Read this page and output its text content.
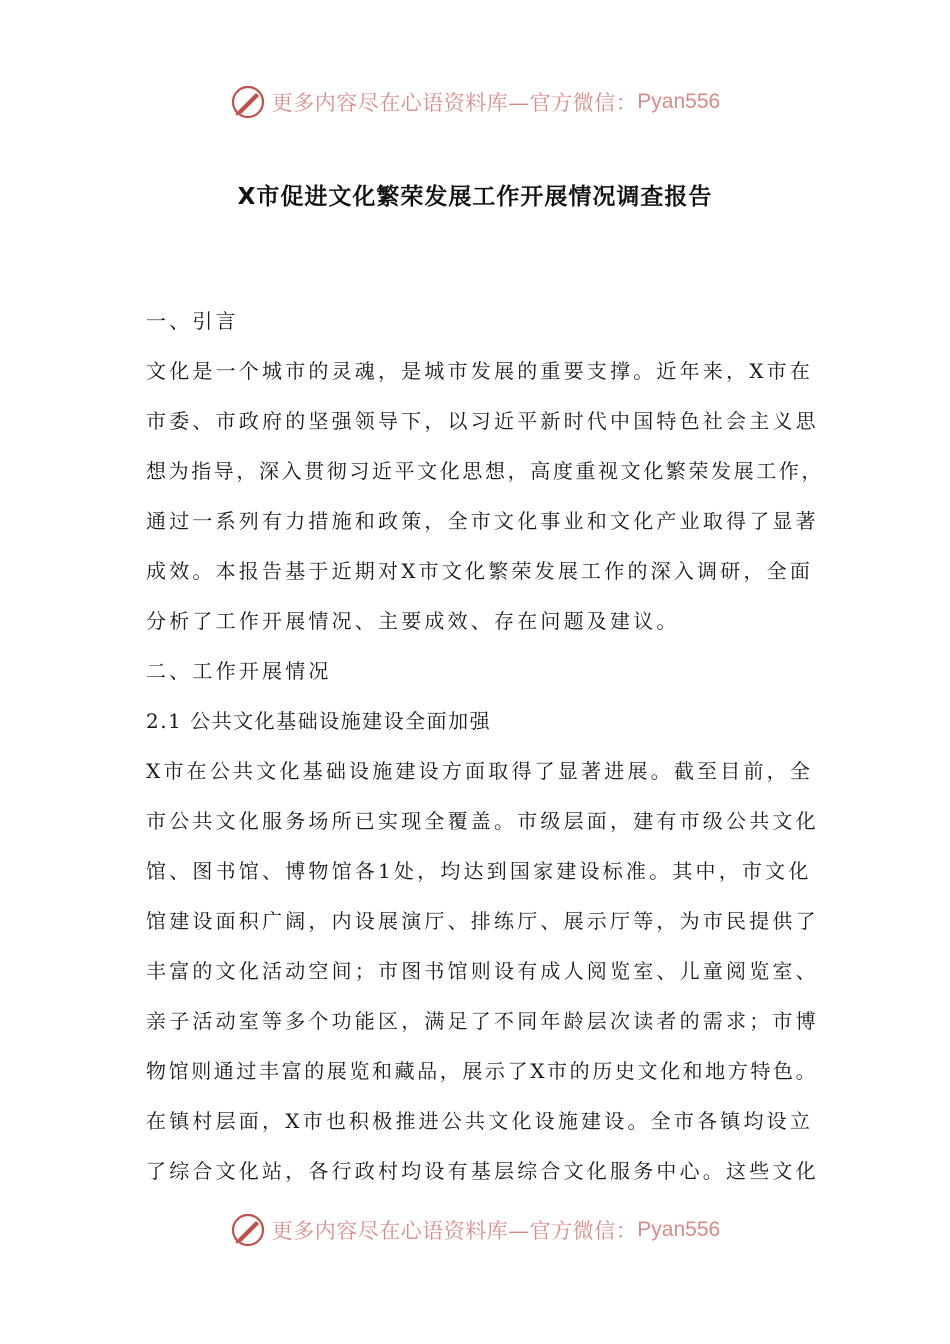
更多内容尽在心语资料库—官方微信： Pyan556
X市促进文化繁荣发展工作开展情况调查报告
一、引言
文化是一个城市的灵魂，是城市发展的重要支撑。近年来，X市在
市委、市政府的坚强领导下，以习近平新时代中国特色社会主义思
想为指导，深入贯彻习近平文化思想，高度重视文化繁荣发展工作，
通过一系列有力措施和政策，全市文化事业和文化产业取得了显著
成效。本报告基于近期对X市文化繁荣发展工作的深入调研，全面
分析了工作开展情况、主要成效、存在问题及建议。
二、工作开展情况
2.1 公共文化基础设施建设全面加强
X市在公共文化基础设施建设方面取得了显著进展。截至目前，全
市公共文化服务场所已实现全覆盖。市级层面，建有市级公共文化
馆、图书馆、博物馆各1处，均达到国家建设标准。其中，市文化
馆建设面积广阔，内设展演厅、排练厅、展示厅等，为市民提供了
丰富的文化活动空间；市图书馆则设有成人阅览室、儿童阅览室、
亲子活动室等多个功能区，满足了不同年龄层次读者的需求；市博
物馆则通过丰富的展览和藏品，展示了X市的历史文化和地方特色。
在镇村层面，X市也积极推进公共文化设施建设。全市各镇均设立
了综合文化站，各行政村均设有基层综合文化服务中心。这些文化
更多内容尽在心语资料库—官方微信： Pyan556
